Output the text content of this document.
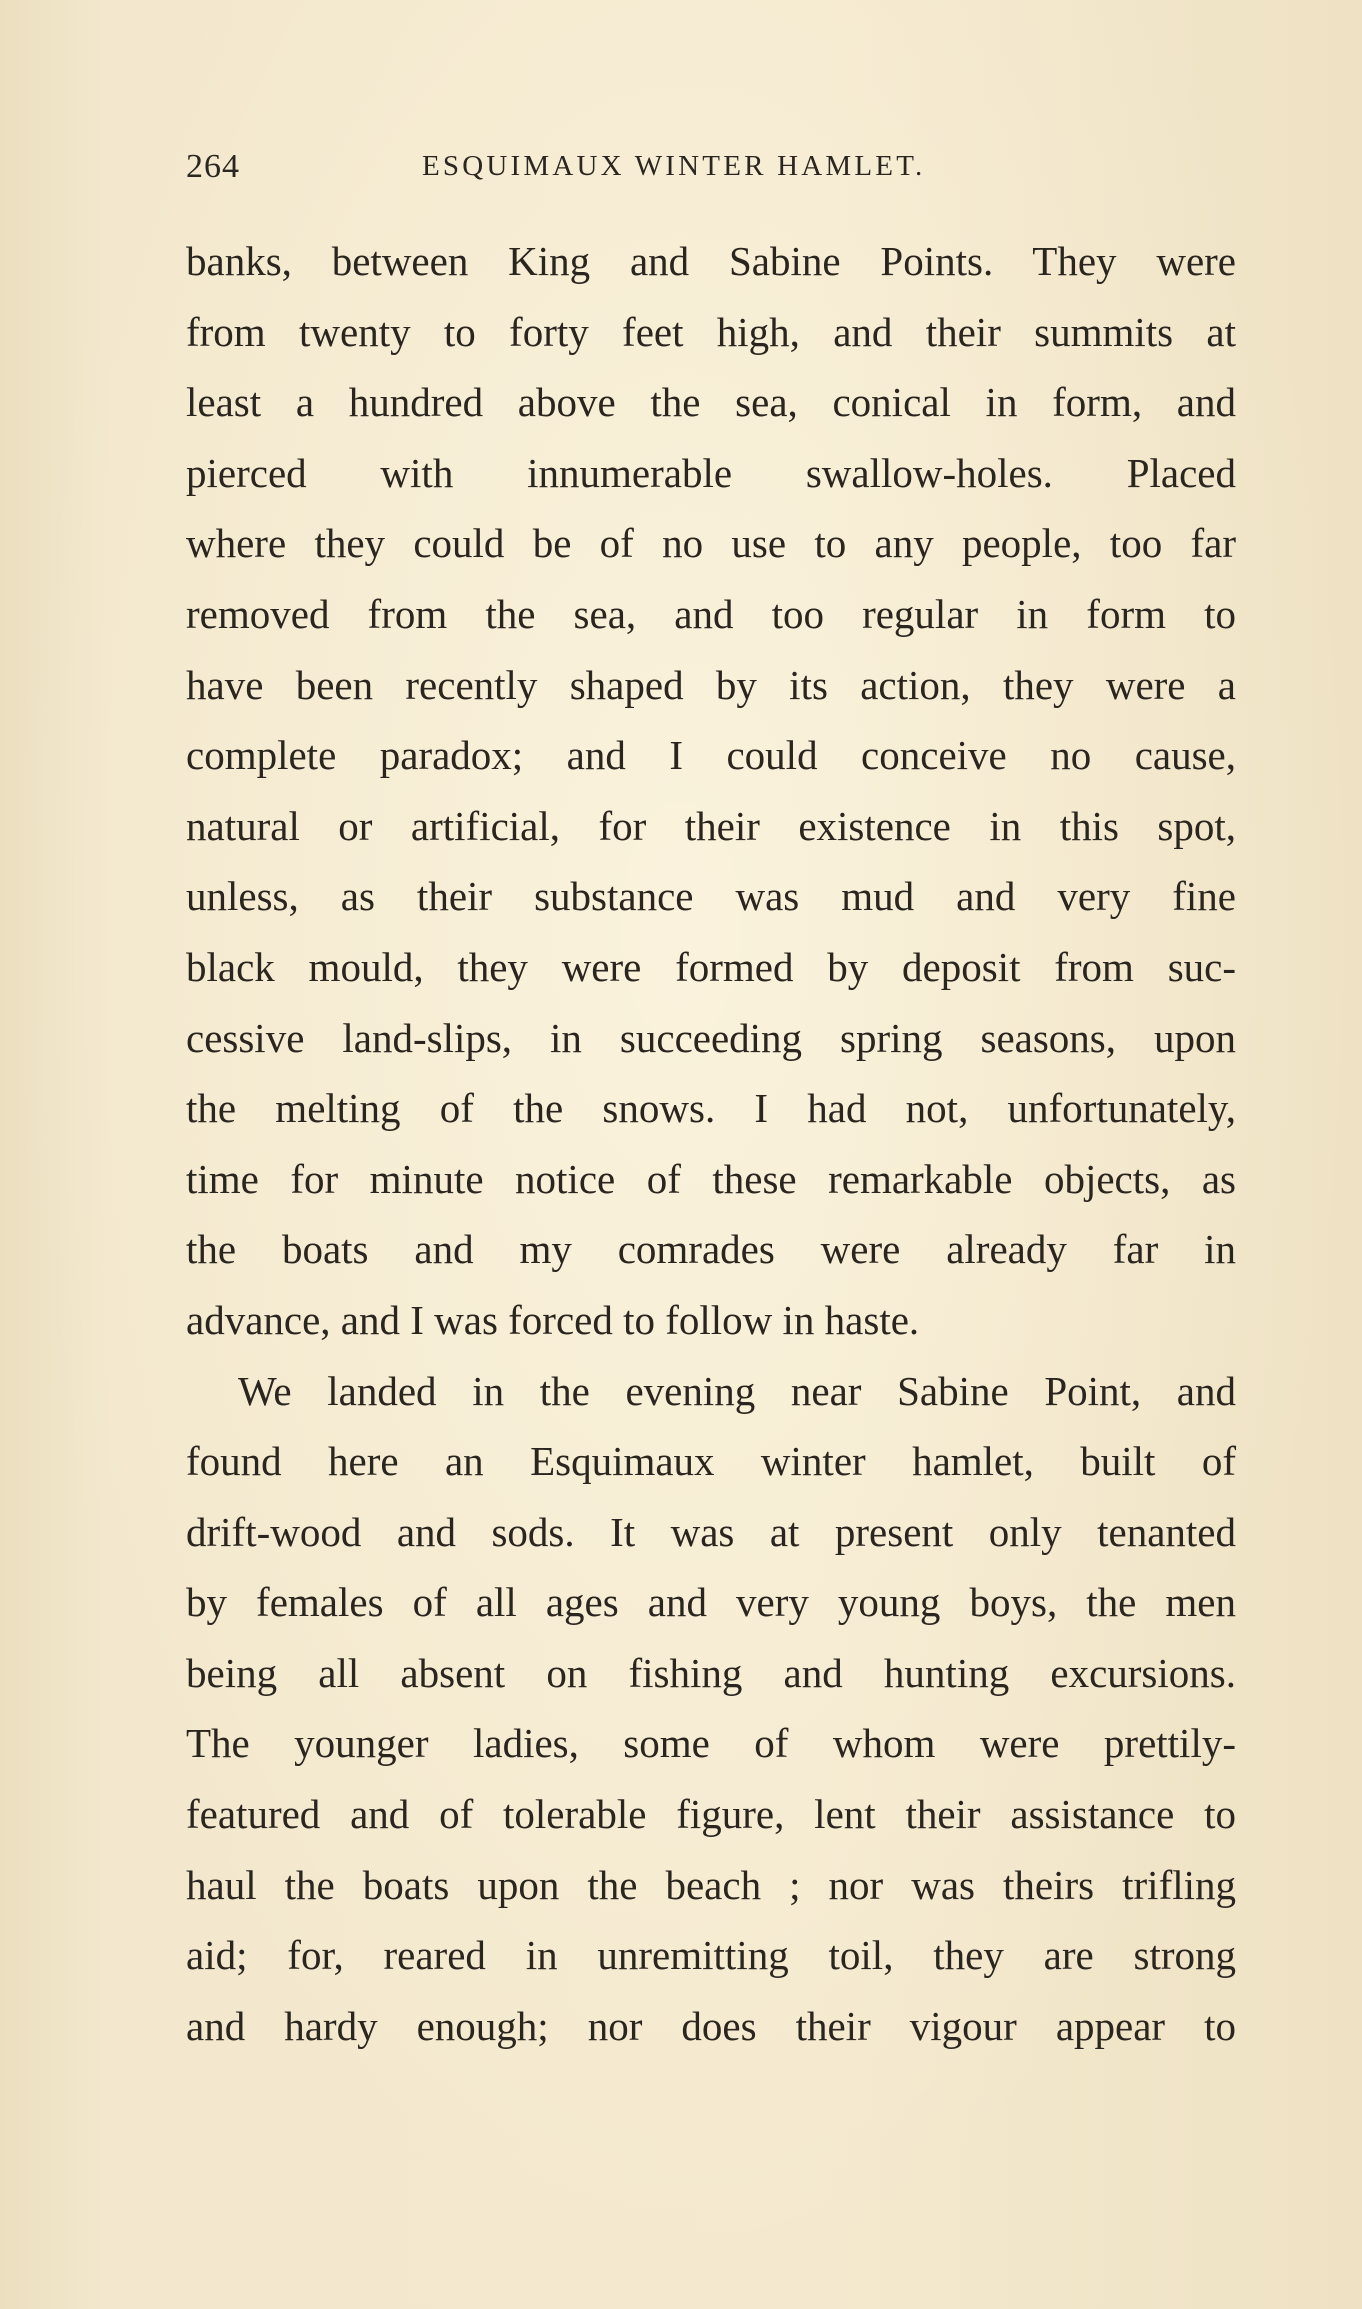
264	ESQUIMAUX WINTER HAMLET.
banks, between King and Sabine Points. They were
from twenty to forty feet high, and their summits at
least a hundred above the sea, conical in form, and
pierced with innumerable swallow-holes. Placed
where they could be of no use to any people, too far
removed from the sea, and too regular in form to
have been recently shaped by its action, they were a
complete paradox; and I could conceive no cause,
natural or artificial, for their existence in this spot,
unless, as their substance was mud and very fine
black mould, they were formed by deposit from suc-
cessive land-slips, in succeeding spring seasons, upon
the melting of the snows. I had not, unfortunately,
time for minute notice of these remarkable objects, as
the boats and my comrades were already far in
advance, and I was forced to follow in haste.
We landed in the evening near Sabine Point, and
found here an Esquimaux winter hamlet, built of
drift-wood and sods. It was at present only tenanted
by females of all ages and very young boys, the men
being all absent on fishing and hunting excursions.
The younger ladies, some of whom were prettily-
featured and of tolerable figure, lent their assistance to
haul the boats upon the beach ; nor was theirs trifling
aid; for, reared in unremitting toil, they are strong
and hardy enough; nor does their vigour appear to
